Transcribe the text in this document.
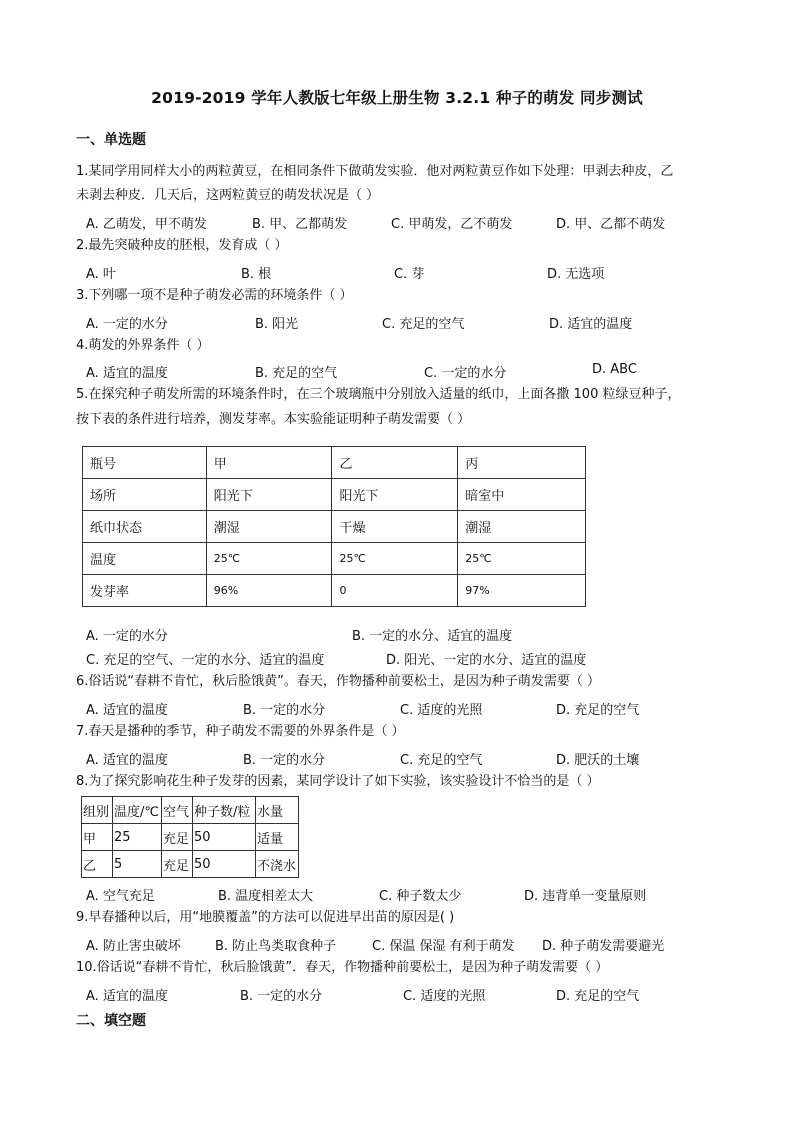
2019-2019 学年人教版七年级上册生物 3.2.1 种子的萌发 同步测试
一、单选题
1.某同学用同样大小的两粒黄豆，在相同条件下做萌发实验．他对两粒黄豆作如下处理：甲剥去种皮，乙
未剥去种皮．几天后，这两粒黄豆的萌发状况是（ ）
A. 乙萌发，甲不萌发	B. 甲、乙都萌发	C. 甲萌发，乙不萌发	D. 甲、乙都不萌发
2.最先突破种皮的胚根，发育成（ ）
A. 叶	B. 根	C. 芽	D. 无选项
3.下列哪一项不是种子萌发必需的环境条件（ ）
A. 一定的水分	B. 阳光	C. 充足的空气	D. 适宜的温度
4.萌发的外界条件（ ）
A. 适宜的温度	B. 充足的空气	C. 一定的水分	D. ABC
5.在探究种子萌发所需的环境条件时，在三个玻璃瓶中分别放入适量的纸巾，上面各撒 100 粒绿豆种子，
按下表的条件进行培养，测发芽率。本实验能证明种子萌发需要（ ）
瓶号	甲	乙	丙
场所	阳光下	阳光下	暗室中
纸巾状态	潮湿	干燥	潮湿
温度	25℃	25℃	25℃
发芽率	96%	0	97%
A. 一定的水分	B. 一定的水分、适宜的温度
C. 充足的空气、一定的水分、适宜的温度	D. 阳光、一定的水分、适宜的温度
6.俗话说“春耕不肯忙，秋后脸饿黄”。春天，作物播种前要松土，是因为种子萌发需要（ ）
A. 适宜的温度	B. 一定的水分	C. 适度的光照	D. 充足的空气
7.春天是播种的季节，种子萌发不需要的外界条件是（ ）
A. 适宜的温度	B. 一定的水分	C. 充足的空气	D. 肥沃的土壤
8.为了探究影响花生种子发芽的因素，某同学设计了如下实验，该实验设计不恰当的是（ ）
组别	温度/℃	空气	种子数/粒	水量
甲	25	充足	50	适量
乙	5	充足	50	不浇水
A. 空气充足	B. 温度相差太大	C. 种子数太少	D. 违背单一变量原则
9.早春播种以后，用“地膜覆盖”的方法可以促进早出苗的原因是( )
A. 防止害虫破坏	B. 防止鸟类取食种子	C. 保温 保湿 有利于萌发 D. 种子萌发需要避光
10.俗话说“春耕不肯忙，秋后脸饿黄”．春天，作物播种前要松土，是因为种子萌发需要（ ）
A. 适宜的温度	B. 一定的水分	C. 适度的光照	D. 充足的空气
二、填空题
